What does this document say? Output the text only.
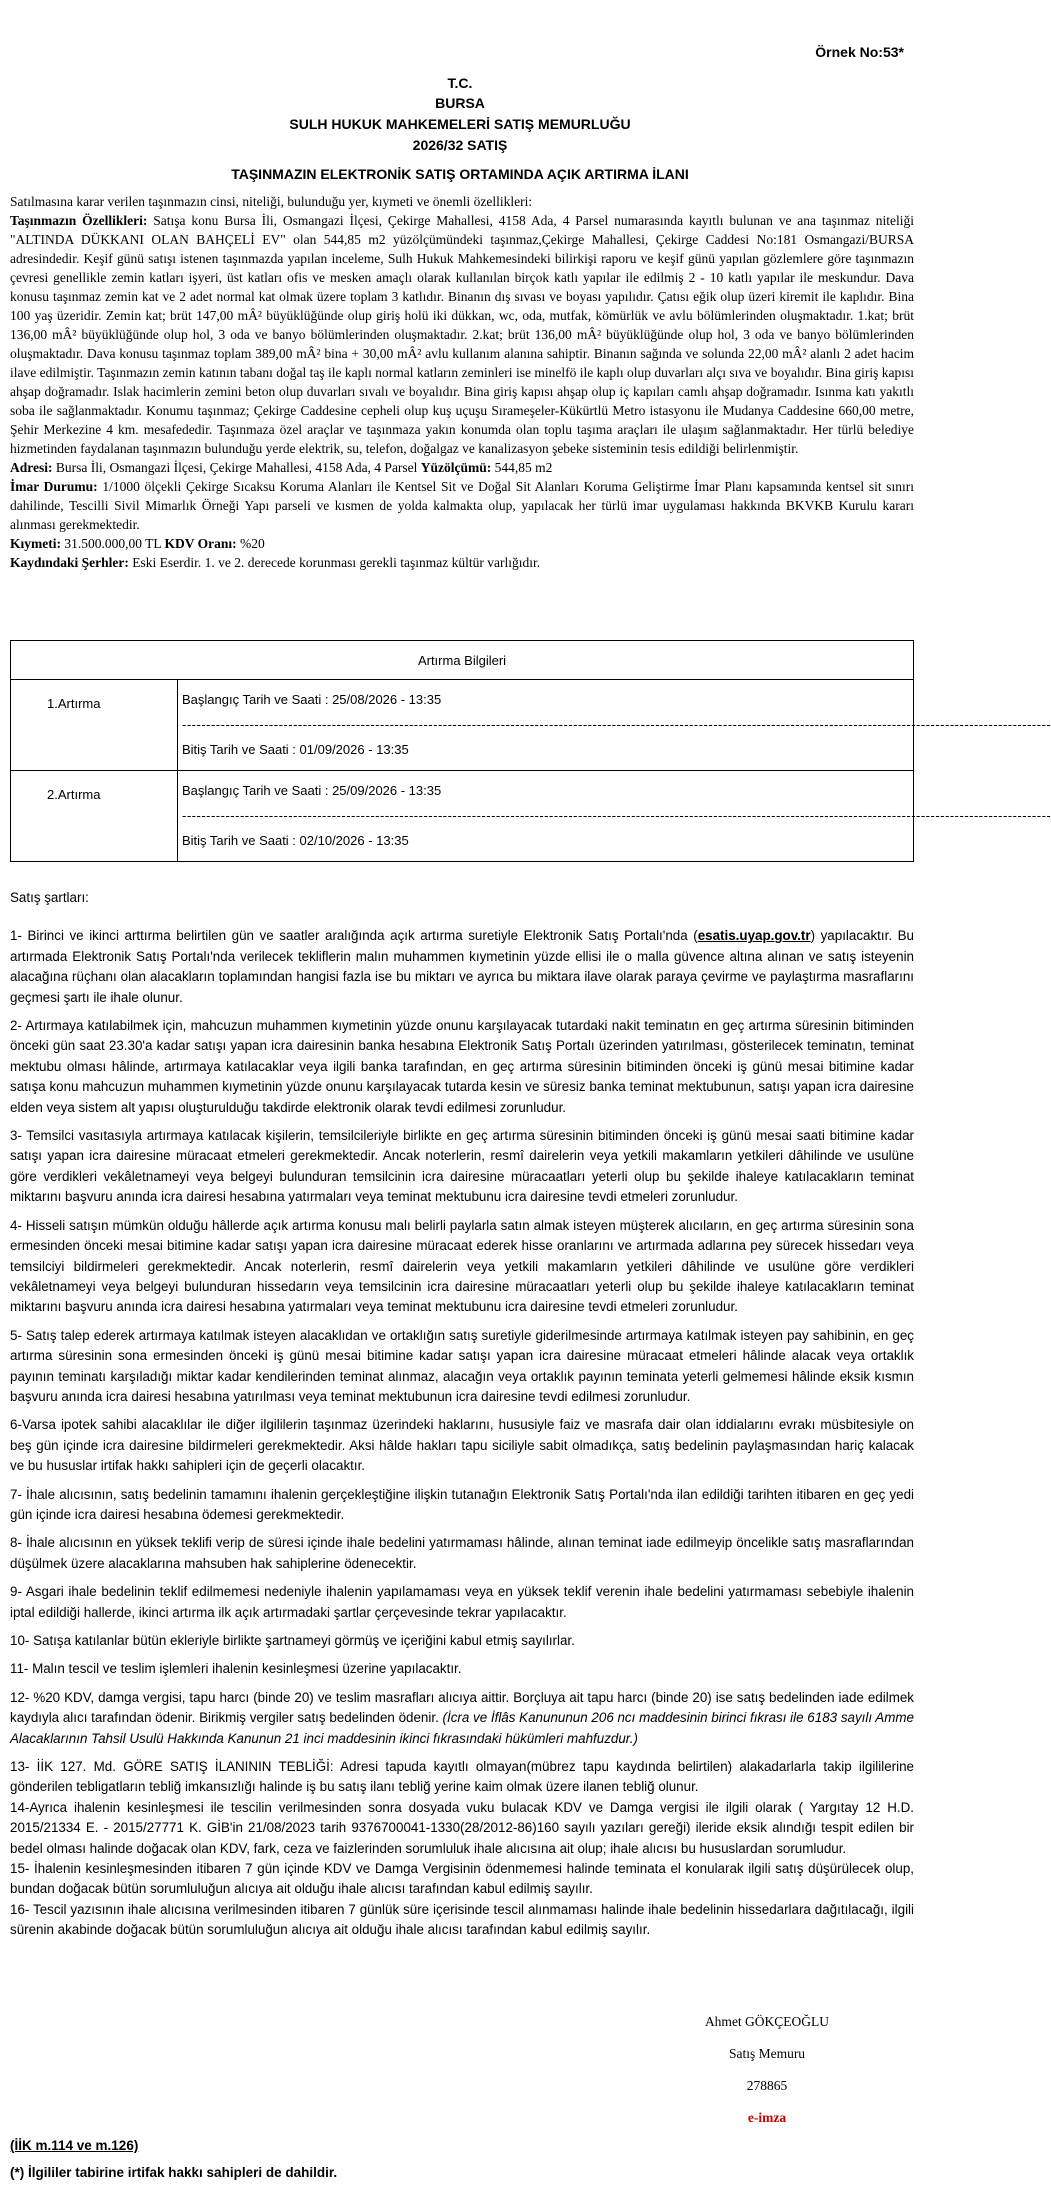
Örnek No:53*
T.C.
BURSA
SULH HUKUK MAHKEMELERİ SATIŞ MEMURLUĞU
2026/32 SATIŞ
TAŞINMAZIN ELEKTRONİK SATIŞ ORTAMINDA AÇIK ARTIRMA İLANI

Satılmasına karar verilen taşınmazın cinsi, niteliği, bulunduğu yer, kıymeti ve önemli özellikleri:

Taşınmazın Özellikleri: Satışa konu Bursa İli, Osmangazi İlçesi, Çekirge Mahallesi, 4158 Ada, 4 Parsel numarasında kayıtlı bulunan ve ana taşınmaz niteliği "ALTINDA DÜKKANI OLAN BAHÇELİ EV" olan 544,85 m2 yüzölçümündeki taşınmaz,Çekirge Mahallesi, Çekirge Caddesi No:181 Osmangazi/BURSA adresindedir. Keşif günü satışı istenen taşınmazda yapılan inceleme, Sulh Hukuk Mahkemesindeki bilirkişi raporu ve keşif günü yapılan gözlemlere göre taşınmazın çevresi genellikle zemin katları işyeri, üst katları ofis ve mesken amaçlı olarak kullanılan birçok katlı yapılar ile edilmiş 2 - 10 katlı yapılar ile meskundur. Dava konusu taşınmaz zemin kat ve 2 adet normal kat olmak üzere toplam 3 katlıdır. Binanın dış sıvası ve boyası yapılıdır. Çatısı eğik olup üzeri kiremit ile kaplıdır. Bina 100 yaş üzeridir. Zemin kat; brüt 147,00 mÂ² büyüklüğünde olup giriş holü iki dükkan, wc, oda, mutfak, kömürlük ve avlu bölümlerinden oluşmaktadır. 1.kat; brüt 136,00 mÂ² büyüklüğünde olup hol, 3 oda ve banyo bölümlerinden oluşmaktadır. 2.kat; brüt 136,00 mÂ² büyüklüğünde olup hol, 3 oda ve banyo bölümlerinden oluşmaktadır. Dava konusu taşınmaz toplam 389,00 mÂ² bina + 30,00 mÂ² avlu kullanım alanına sahiptir. Binanın sağında ve solunda 22,00 mÂ² alanlı 2 adet hacim ilave edilmiştir. Taşınmazın zemin katının tabanı doğal taş ile kaplı normal katların zeminleri ise minelfö ile kaplı olup duvarları alçı sıva ve boyalıdır. Bina giriş kapısı ahşap doğramadır. Islak hacimlerin zemini beton olup duvarları sıvalı ve boyalıdır. Bina giriş kapısı ahşap olup iç kapıları camlı ahşap doğramadır. Isınma katı yakıtlı soba ile sağlanmaktadır. Konumu taşınmaz; Çekirge Caddesine cepheli olup kuş uçuşu Sırameşeler-Kükürtlü Metro istasyonu ile Mudanya Caddesine 660,00 metre, Şehir Merkezine 4 km. mesafededir. Taşınmaza özel araçlar ve taşınmaza yakın konumda olan toplu taşıma araçları ile ulaşım sağlanmaktadır. Her türlü belediye hizmetinden faydalanan taşınmazın bulunduğu yerde elektrik, su, telefon, doğalgaz ve kanalizasyon şebeke sisteminin tesis edildiği belirlenmiştir.

Adresi: Bursa İli, Osmangazi İlçesi, Çekirge Mahallesi, 4158 Ada, 4 Parsel Yüzölçümü: 544,85 m2

İmar Durumu: 1/1000 ölçekli Çekirge Sıcaksu Koruma Alanları ile Kentsel Sit ve Doğal Sit Alanları Koruma Geliştirme İmar Planı kapsamında kentsel sit sınırı dahilinde, Tescilli Sivil Mimarlık Örneği Yapı parseli ve kısmen de yolda kalmakta olup, yapılacak her türlü imar uygulaması hakkında BKVKB Kurulu kararı alınması gerekmektedir.

Kıymeti: 31.500.000,00 TL KDV Oranı: %20

Kaydındaki Şerhler: Eski Eserdir. 1. ve 2. derecede korunması gerekli taşınmaz kültür varlığıdır.

Artırma Bilgileri	
1.Artırma	Başlangıç Tarih ve Saati : 25/08/2026 - 13:35
------------------------------------------------------------------------------------------------------------------------------------------------------------------------------------
Bitiş Tarih ve Saati : 01/09/2026 - 13:35

2.Artırma	Başlangıç Tarih ve Saati : 25/09/2026 - 13:35
------------------------------------------------------------------------------------------------------------------------------------------------------------------------------------
Bitiş Tarih ve Saati : 02/10/2026 - 13:35

Satış şartları:

1- Birinci ve ikinci arttırma belirtilen gün ve saatler aralığında açık artırma suretiyle Elektronik Satış Portalı'nda (esatis.uyap.gov.tr) yapılacaktır. Bu artırmada Elektronik Satış Portalı'nda verilecek tekliflerin malın muhammen kıymetinin yüzde ellisi ile o malla güvence altına alınan ve satış isteyenin alacağına rüçhanı olan alacakların toplamından hangisi fazla ise bu miktarı ve ayrıca bu miktara ilave olarak paraya çevirme ve paylaştırma masraflarını geçmesi şartı ile ihale olunur.

2- Artırmaya katılabilmek için, mahcuzun muhammen kıymetinin yüzde onunu karşılayacak tutardaki nakit teminatın en geç artırma süresinin bitiminden önceki gün saat 23.30'a kadar satışı yapan icra dairesinin banka hesabına Elektronik Satış Portalı üzerinden yatırılması, gösterilecek teminatın, teminat mektubu olması hâlinde, artırmaya katılacaklar veya ilgili banka tarafından, en geç artırma süresinin bitiminden önceki iş günü mesai bitimine kadar satışa konu mahcuzun muhammen kıymetinin yüzde onunu karşılayacak tutarda kesin ve süresiz banka teminat mektubunun, satışı yapan icra dairesine elden veya sistem alt yapısı oluşturulduğu takdirde elektronik olarak tevdi edilmesi zorunludur.

3- Temsilci vasıtasıyla artırmaya katılacak kişilerin, temsilcileriyle birlikte en geç artırma süresinin bitiminden önceki iş günü mesai saati bitimine kadar satışı yapan icra dairesine müracaat etmeleri gerekmektedir. Ancak noterlerin, resmî dairelerin veya yetkili makamların yetkileri dâhilinde ve usulüne göre verdikleri vekâletnameyi veya belgeyi bulunduran temsilcinin icra dairesine müracaatları yeterli olup bu şekilde ihaleye katılacakların teminat miktarını başvuru anında icra dairesi hesabına yatırmaları veya teminat mektubunu icra dairesine tevdi etmeleri zorunludur.

4- Hisseli satışın mümkün olduğu hâllerde açık artırma konusu malı belirli paylarla satın almak isteyen müşterek alıcıların, en geç artırma süresinin sona ermesinden önceki mesai bitimine kadar satışı yapan icra dairesine müracaat ederek hisse oranlarını ve artırmada adlarına pey sürecek hissedarı veya temsilciyi bildirmeleri gerekmektedir. Ancak noterlerin, resmî dairelerin veya yetkili makamların yetkileri dâhilinde ve usulüne göre verdikleri vekâletnameyi veya belgeyi bulunduran hissedarın veya temsilcinin icra dairesine müracaatları yeterli olup bu şekilde ihaleye katılacakların teminat miktarını başvuru anında icra dairesi hesabına yatırmaları veya teminat mektubunu icra dairesine tevdi etmeleri zorunludur.

5- Satış talep ederek artırmaya katılmak isteyen alacaklıdan ve ortaklığın satış suretiyle giderilmesinde artırmaya katılmak isteyen pay sahibinin, en geç artırma süresinin sona ermesinden önceki iş günü mesai bitimine kadar satışı yapan icra dairesine müracaat etmeleri hâlinde alacak veya ortaklık payının teminatı karşıladığı miktar kadar kendilerinden teminat alınmaz, alacağın veya ortaklık payının teminata yeterli gelmemesi hâlinde eksik kısmın başvuru anında icra dairesi hesabına yatırılması veya teminat mektubunun icra dairesine tevdi edilmesi zorunludur.

6-Varsa ipotek sahibi alacaklılar ile diğer ilgililerin taşınmaz üzerindeki haklarını, hususiyle faiz ve masrafa dair olan iddialarını evrakı müsbitesiyle on beş gün içinde icra dairesine bildirmeleri gerekmektedir. Aksi hâlde hakları tapu siciliyle sabit olmadıkça, satış bedelinin paylaşmasından hariç kalacak ve bu hususlar irtifak hakkı sahipleri için de geçerli olacaktır.

7- İhale alıcısının, satış bedelinin tamamını ihalenin gerçekleştiğine ilişkin tutanağın Elektronik Satış Portalı'nda ilan edildiği tarihten itibaren en geç yedi gün içinde icra dairesi hesabına ödemesi gerekmektedir.

8- İhale alıcısının en yüksek teklifi verip de süresi içinde ihale bedelini yatırmaması hâlinde, alınan teminat iade edilmeyip öncelikle satış masraflarından düşülmek üzere alacaklarına mahsuben hak sahiplerine ödenecektir.

9- Asgari ihale bedelinin teklif edilmemesi nedeniyle ihalenin yapılamaması veya en yüksek teklif verenin ihale bedelini yatırmaması sebebiyle ihalenin iptal edildiği hallerde, ikinci artırma ilk açık artırmadaki şartlar çerçevesinde tekrar yapılacaktır.

10- Satışa katılanlar bütün ekleriyle birlikte şartnameyi görmüş ve içeriğini kabul etmiş sayılırlar.

11- Malın tescil ve teslim işlemleri ihalenin kesinleşmesi üzerine yapılacaktır.

12- %20 KDV, damga vergisi, tapu harcı (binde 20) ve teslim masrafları alıcıya aittir. Borçluya ait tapu harcı (binde 20) ise satış bedelinden iade edilmek kaydıyla alıcı tarafından ödenir. Birikmiş vergiler satış bedelinden ödenir. (İcra ve İflâs Kanununun 206 ncı maddesinin birinci fıkrası ile 6183 sayılı Amme Alacaklarının Tahsil Usulü Hakkında Kanunun 21 inci maddesinin ikinci fıkrasındaki hükümleri mahfuzdur.)

13- İİK 127. Md. GÖRE SATIŞ İLANININ TEBLİĞİ: Adresi tapuda kayıtlı olmayan(mübrez tapu kaydında belirtilen) alakadarlarla takip ilgililerine gönderilen tebligatların tebliğ imkansızlığı halinde iş bu satış ilanı tebliğ yerine kaim olmak üzere ilanen tebliğ olunur.

14-Ayrıca ihalenin kesinleşmesi ile tescilin verilmesinden sonra dosyada vuku bulacak KDV ve Damga vergisi ile ilgili olarak ( Yargıtay 12 H.D. 2015/21334 E. - 2015/27771 K. GİB'in 21/08/2023 tarih 9376700041-1330(28/2012-86)160 sayılı yazıları gereği) ileride eksik alındığı tespit edilen bir bedel olması halinde doğacak olan KDV, fark, ceza ve faizlerinden sorumluluk ihale alıcısına ait olup; ihale alıcısı bu hususlardan sorumludur.

15- İhalenin kesinleşmesinden itibaren 7 gün içinde KDV ve Damga Vergisinin ödenmemesi halinde teminata el konularak ilgili satış düşürülecek olup, bundan doğacak bütün sorumluluğun alıcıya ait olduğu ihale alıcısı tarafından kabul edilmiş sayılır.

16- Tescil yazısının ihale alıcısına verilmesinden itibaren 7 günlük süre içerisinde tescil alınmaması halinde ihale bedelinin hissedarlara dağıtılacağı, ilgili sürenin akabinde doğacak bütün sorumluluğun alıcıya ait olduğu ihale alıcısı tarafından kabul edilmiş sayılır.

Ahmet GÖKÇEOĞLU
Satış Memuru
278865
e-imza
(İİK m.114 ve m.126)
(*) İlgililer tabirine irtifak hakkı sahipleri de dahildir.
